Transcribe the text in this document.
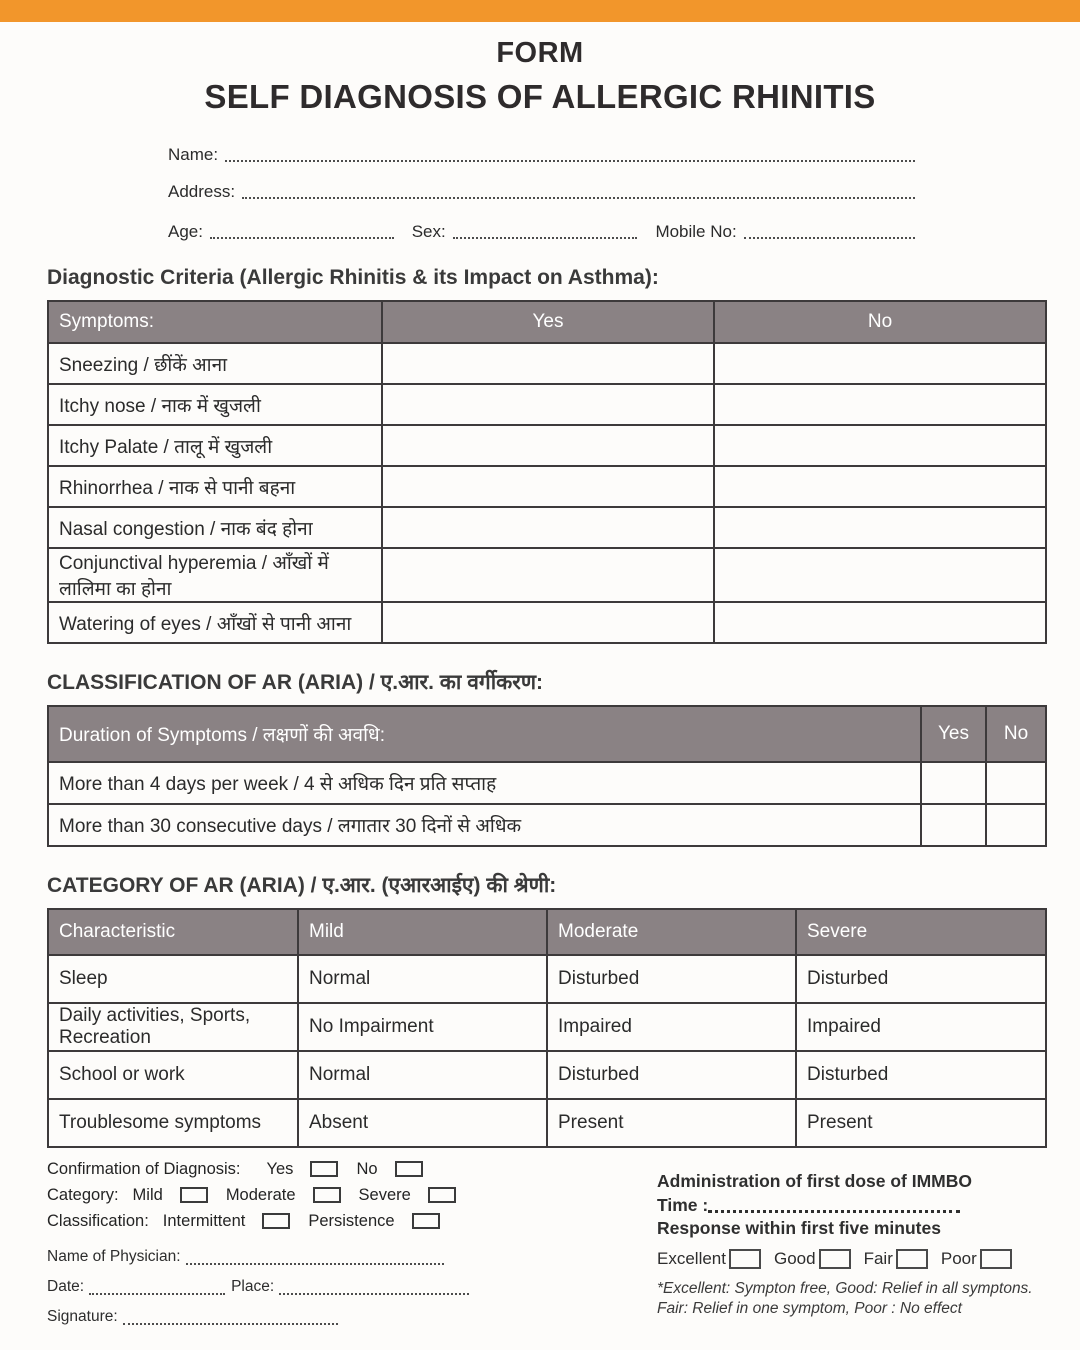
FORM
SELF DIAGNOSIS OF ALLERGIC RHINITIS
Name:
Address:
Age:	Sex:	Mobile No:
Diagnostic Criteria (Allergic Rhinitis & its Impact on Asthma):
Symptoms:	Yes	No
Sneezing / छींकें आना		
Itchy nose / नाक में खुजली		
Itchy Palate / तालू में खुजली		
Rhinorrhea / नाक से पानी बहना		
Nasal congestion / नाक बंद होना		
Conjunctival hyperemia / आँखों में लालिमा का होना		
Watering of eyes / आँखों से पानी आना		
CLASSIFICATION OF AR (ARIA) / ए.आर. का वर्गीकरण:
Duration of Symptoms / लक्षणों की अवधि:	Yes	No
More than 4 days per week / 4 से अधिक दिन प्रति सप्ताह		
More than 30 consecutive days / लगातार 30 दिनों से अधिक		
CATEGORY OF AR (ARIA) / ए.आर. (एआरआईए) की श्रेणी:
Characteristic	Mild	Moderate	Severe
Sleep	Normal	Disturbed	Disturbed
Daily activities, Sports, Recreation	No Impairment	Impaired	Impaired
School or work	Normal	Disturbed	Disturbed
Troublesome symptoms	Absent	Present	Present
Confirmation of Diagnosis:	Yes	No
Category: Mild	Moderate	Severe
Classification: Intermittent	Persistence
Name of Physician:
Date:	Place:
Signature:
Administration of first dose of IMMBO
Time :
Response within first five minutes
Excellent	Good	Fair	Poor
*Excellent: Sympton free, Good: Relief in all symptons.
Fair: Relief in one symptom, Poor : No effect
